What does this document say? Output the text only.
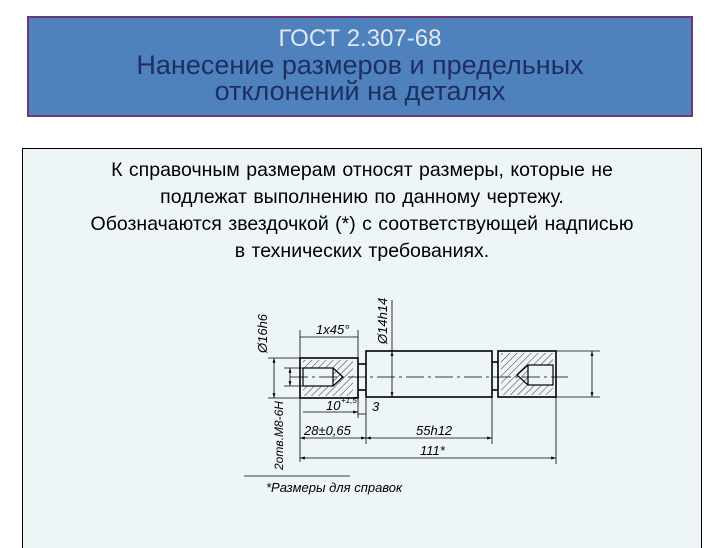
ГОСТ 2.307-68
Нанесение размеров и предельных
отклонений на деталях
К справочным размерам относят размеры, которые не
подлежат выполнению по данному чертежу.
Обозначаются звездочкой (*) с соответствующей надписью
в технических требованиях.
Ø16h6	1x45° Ø14h14
2отв.М8-6Н	10 +1,5 3
28±0,65	55h12
111*
*Размеры для справок
